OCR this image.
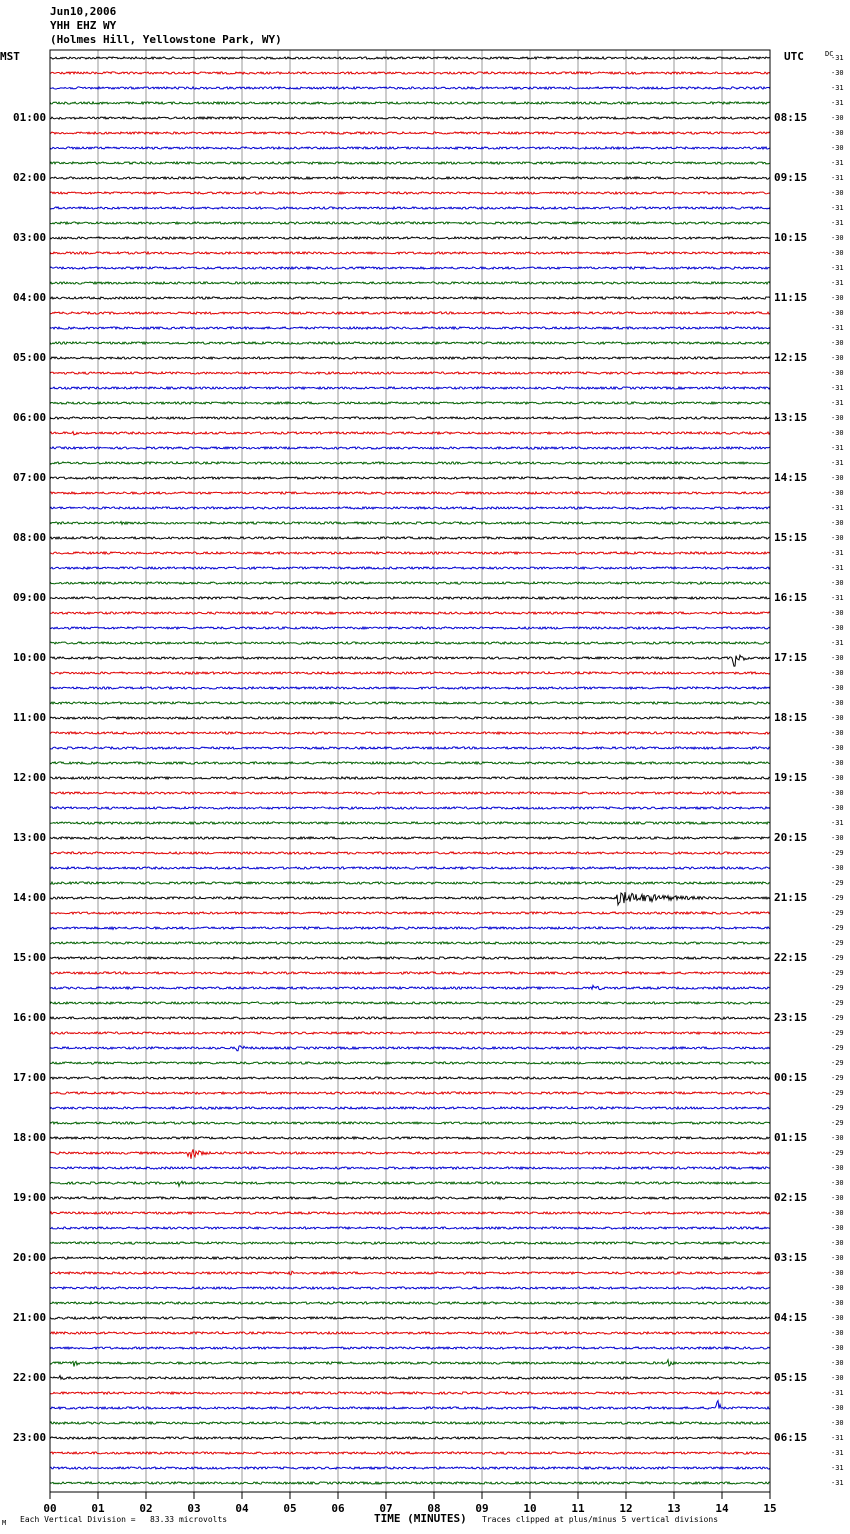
Jun10,2006
YHH EHZ WY
(Holmes Hill, Yellowstone Park, WY)
MST	UTC	DC
00	01	02	03	04	05	06	07	08	09	10	11	12	13	14	15
01:00
02:00
03:00
04:00
05:00
06:00
07:00
08:00
09:00
10:00
11:00
12:00
13:00
14:00
15:00
16:00
17:00
18:00
19:00
20:00
21:00
22:00
23:00
08:15
09:15
10:15
11:15
12:15
13:15
14:15
15:15
16:15
17:15
18:15
19:15
20:15
21:15
22:15
23:15
00:15
01:15
02:15
03:15
04:15
05:15
06:15
-31
-30
-31
-31
-30
-30
-30
-31
-31
-30
-31
-31
-30
-30
-31
-31
-30
-30
-31
-30
-30
-30
-31
-31
-30
-30
-31
-31
-30
-30
-31
-30
-30
-31
-31
-30
-31
-30
-30
-31
-30
-30
-30
-30
-30
-30
-30
-30
-30
-30
-30
-31
-30
-29
-30
-29
-29
-29
-29
-29
-29
-29
-29
-29
-29
-29
-29
-29
-29
-29
-29
-29
-30
-29
-30
-30
-30
-30
-30
-30
-30
-30
-30
-30
-30
-30
-30
-30
-30
-31
-30
-30
-31
-31
-31
-31
M Each Vertical Division =   83.33 microvolts	TIME (MINUTES) Traces clipped at plus/minus 5 vertical divisions
